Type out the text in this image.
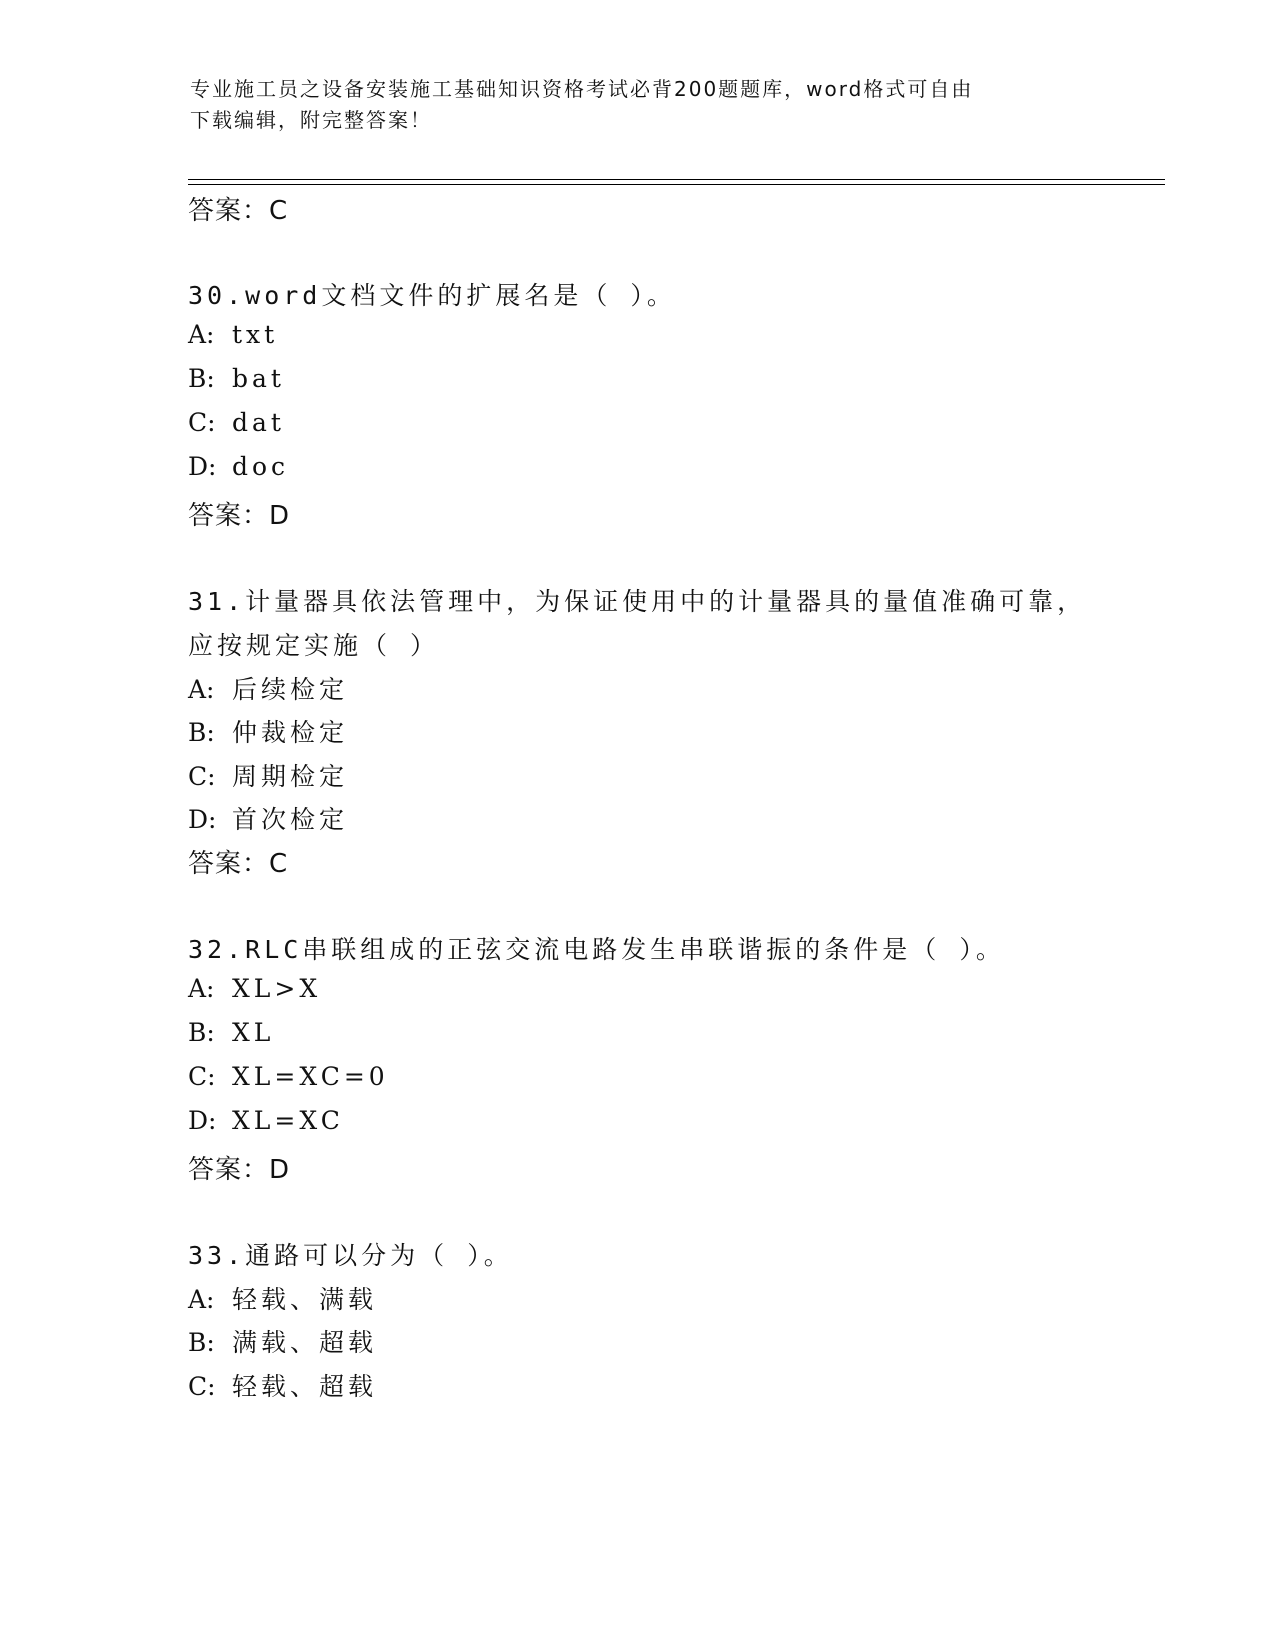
专业施工员之设备安装施工基础知识资格考试必背200题题库，word格式可自由
下载编辑，附完整答案！
答案：C
30.word文档文件的扩展名是（ ）。
A: txt
B: bat
C: dat
D: doc
答案：D
31.计量器具依法管理中，为保证使用中的计量器具的量值准确可靠，
应按规定实施（ ）
A: 后续检定
B: 仲裁检定
C: 周期检定
D: 首次检定
答案：C
32.RLC串联组成的正弦交流电路发生串联谐振的条件是（ ）。
A: XL>X
B: XL
C: XL=XC=0
D: XL=XC
答案：D
33.通路可以分为（ ）。
A: 轻载、满载
B: 满载、超载
C: 轻载、超载
